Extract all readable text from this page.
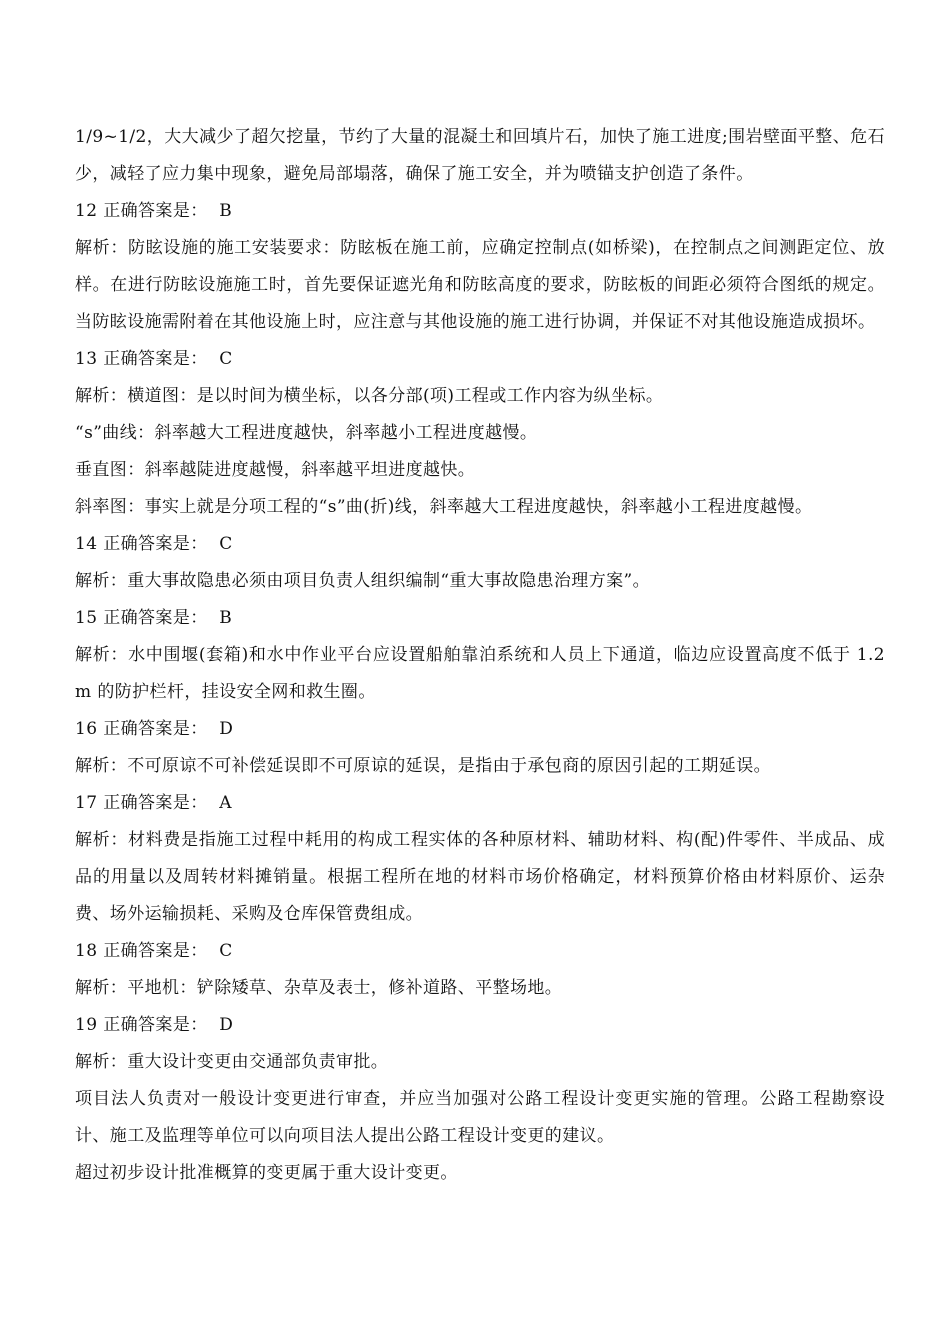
1/9~1/2，大大减少了超欠挖量，节约了大量的混凝土和回填片石，加快了施工进度;围岩壁面平整、危石少，减轻了应力集中现象，避免局部塌落，确保了施工安全，并为喷锚支护创造了条件。

12 正确答案是：  B

解析：防眩设施的施工安装要求：防眩板在施工前，应确定控制点(如桥梁)，在控制点之间测距定位、放样。在进行防眩设施施工时，首先要保证遮光角和防眩高度的要求，防眩板的间距必须符合图纸的规定。当防眩设施需附着在其他设施上时，应注意与其他设施的施工进行协调，并保证不对其他设施造成损坏。

13 正确答案是：  C

解析：横道图：是以时间为横坐标，以各分部(项)工程或工作内容为纵坐标。

“s”曲线：斜率越大工程进度越快，斜率越小工程进度越慢。

垂直图：斜率越陡进度越慢，斜率越平坦进度越快。

斜率图：事实上就是分项工程的“s”曲(折)线，斜率越大工程进度越快，斜率越小工程进度越慢。

14 正确答案是：  C

解析：重大事故隐患必须由项目负责人组织编制“重大事故隐患治理方案”。

15 正确答案是：  B

解析：水中围堰(套箱)和水中作业平台应设置船舶靠泊系统和人员上下通道，临边应设置高度不低于 1.2m 的防护栏杆，挂设安全网和救生圈。

16 正确答案是：  D

解析：不可原谅不可补偿延误即不可原谅的延误，是指由于承包商的原因引起的工期延误。

17 正确答案是：  A

解析：材料费是指施工过程中耗用的构成工程实体的各种原材料、辅助材料、构(配)件零件、半成品、成品的用量以及周转材料摊销量。根据工程所在地的材料市场价格确定，材料预算价格由材料原价、运杂费、场外运输损耗、采购及仓库保管费组成。

18 正确答案是：  C

解析：平地机：铲除矮草、杂草及表士，修补道路、平整场地。

19 正确答案是：  D

解析：重大设计变更由交通部负责审批。

项目法人负责对一般设计变更进行审查，并应当加强对公路工程设计变更实施的管理。公路工程勘察设计、施工及监理等单位可以向项目法人提出公路工程设计变更的建议。

超过初步设计批准概算的变更属于重大设计变更。
